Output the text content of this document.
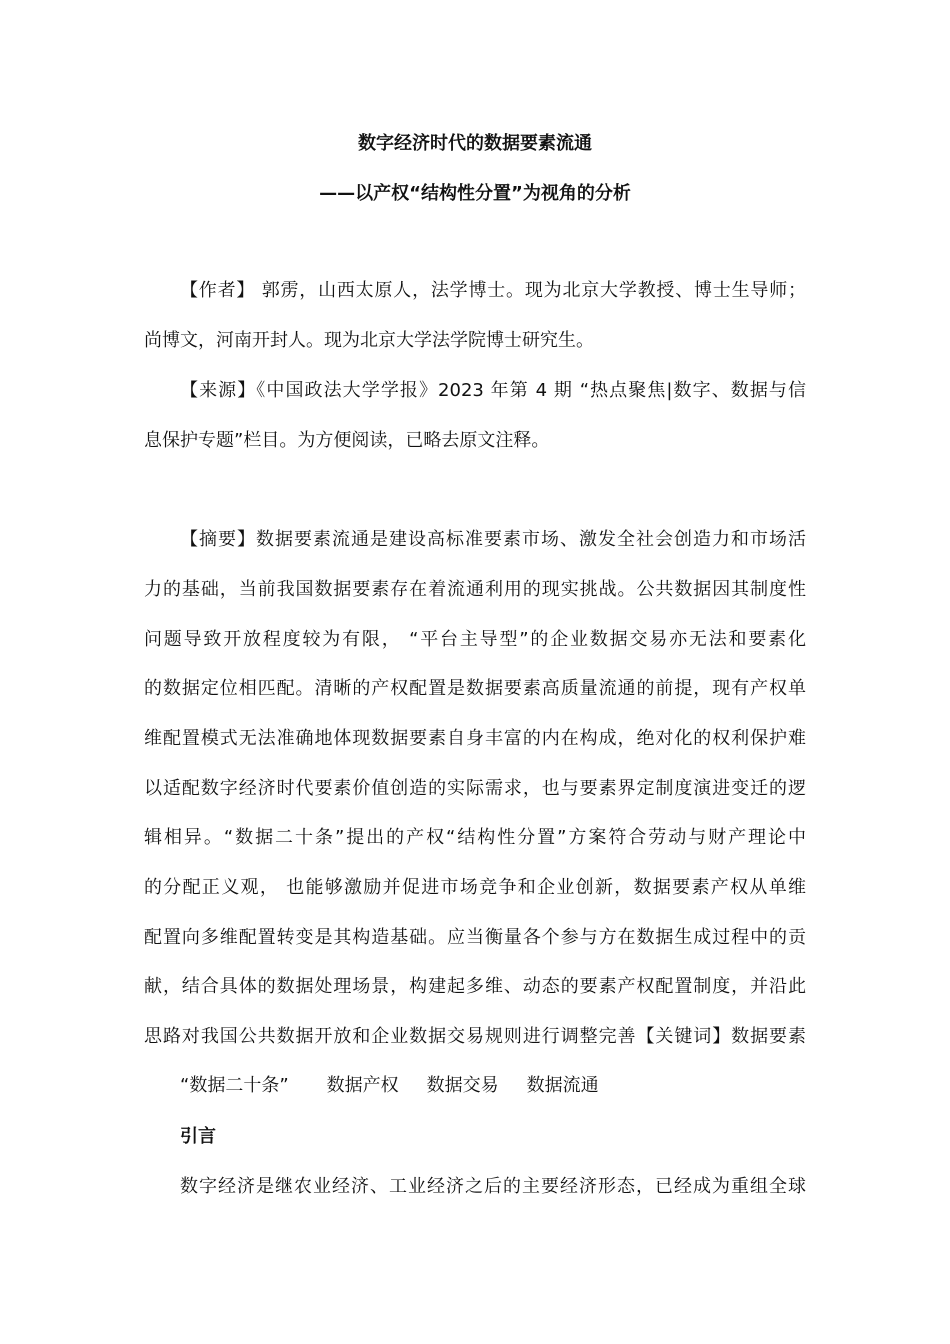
数字经济时代的数据要素流通
——以产权“结构性分置”为视角的分析
【作者】 郭雳，山西太原人，法学博士。现为北京大学教授、博士生导师；
尚博文，河南开封人。现为北京大学法学院博士研究生。
【来源】《中国政法大学学报》2023 年第 4 期 “热点聚焦|数字、数据与信
息保护专题”栏目。为方便阅读，已略去原文注释。
【摘要】数据要素流通是建设高标准要素市场、激发全社会创造力和市场活
力的基础，当前我国数据要素存在着流通利用的现实挑战。公共数据因其制度性
问题导致开放程度较为有限， “平台主导型”的企业数据交易亦无法和要素化
的数据定位相匹配。清晰的产权配置是数据要素高质量流通的前提，现有产权单
维配置模式无法准确地体现数据要素自身丰富的内在构成，绝对化的权利保护难
以适配数字经济时代要素价值创造的实际需求，也与要素界定制度演进变迁的逻
辑相异。“数据二十条”提出的产权“结构性分置”方案符合劳动与财产理论中
的分配正义观， 也能够激励并促进市场竞争和企业创新，数据要素产权从单维
配置向多维配置转变是其构造基础。应当衡量各个参与方在数据生成过程中的贡
献，结合具体的数据处理场景，构建起多维、动态的要素产权配置制度，并沿此
思路对我国公共数据开放和企业数据交易规则进行调整完善【关键词】数据要素
“数据二十条” 数据产权 数据交易 数据流通
引言
数字经济是继农业经济、工业经济之后的主要经济形态，已经成为重组全球
